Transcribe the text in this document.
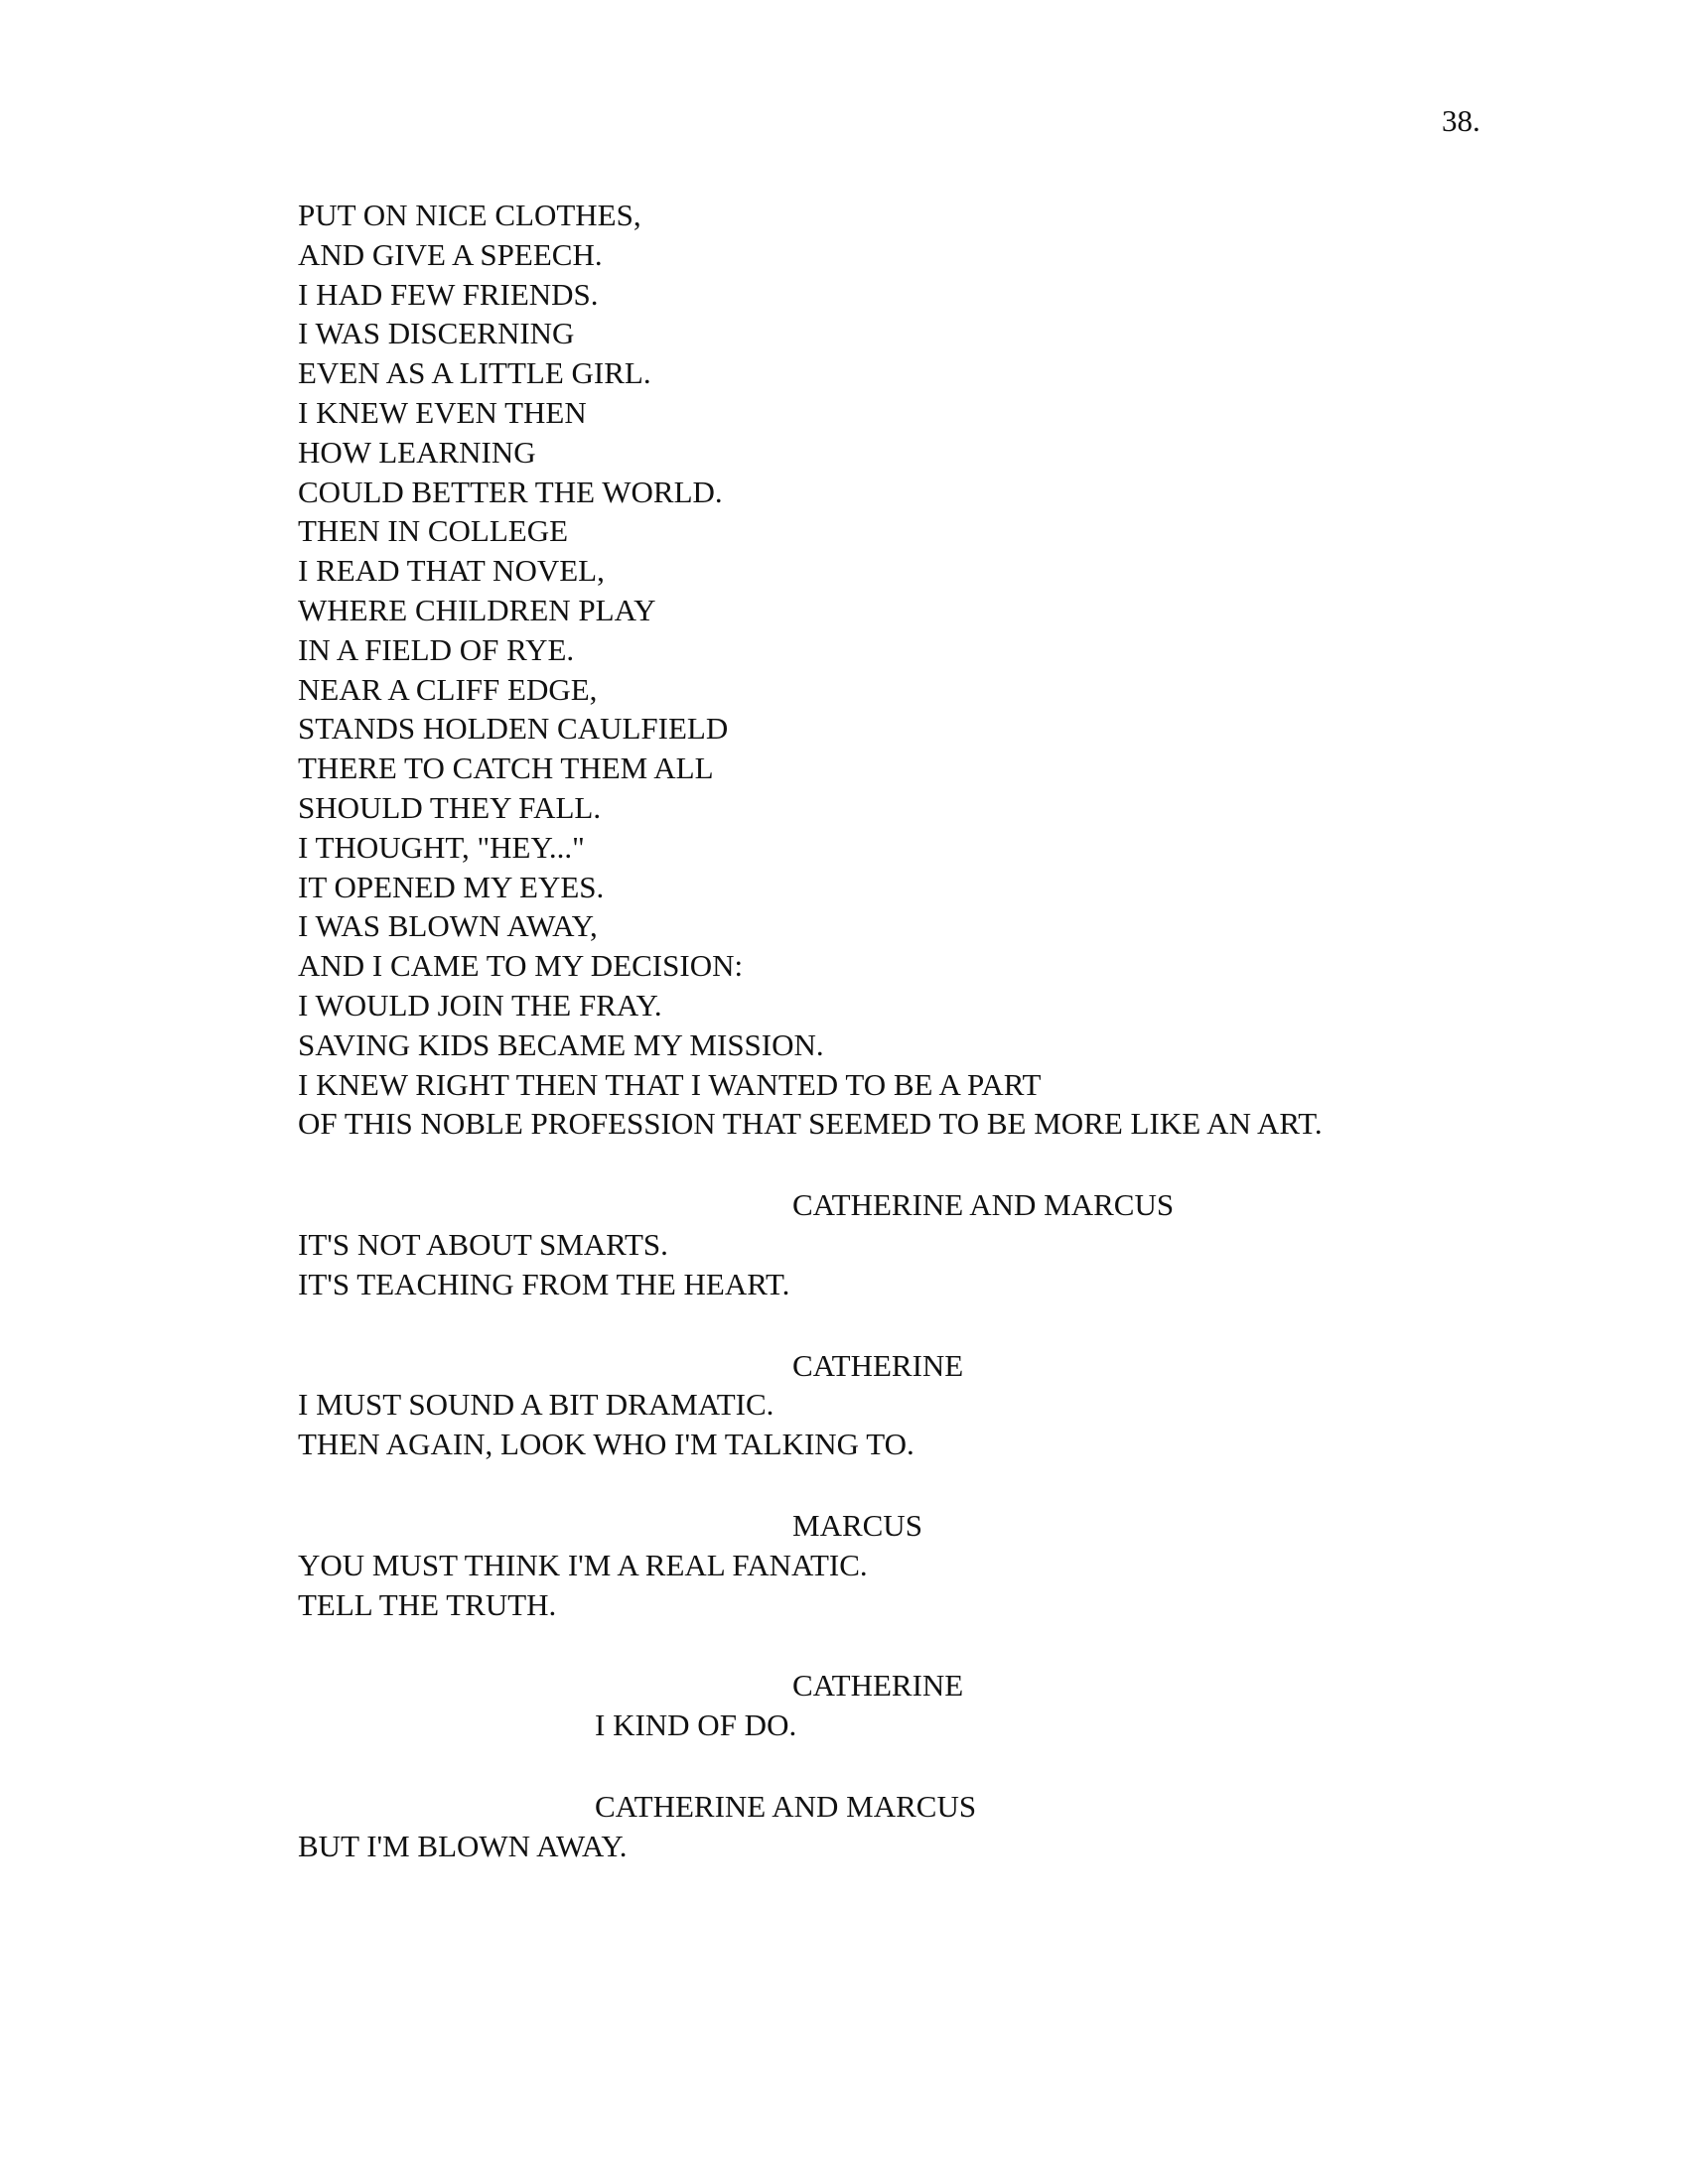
38.
PUT ON NICE CLOTHES,
AND GIVE A SPEECH.
I HAD FEW FRIENDS.
I WAS DISCERNING
EVEN AS A LITTLE GIRL.
I KNEW EVEN THEN
HOW LEARNING
COULD BETTER THE WORLD.
THEN IN COLLEGE
I READ THAT NOVEL,
WHERE CHILDREN PLAY
IN A FIELD OF RYE.
NEAR A CLIFF EDGE,
STANDS HOLDEN CAULFIELD
THERE TO CATCH THEM ALL
SHOULD THEY FALL.
I THOUGHT, "HEY..."
IT OPENED MY EYES.
I WAS BLOWN AWAY,
AND I CAME TO MY DECISION:
I WOULD JOIN THE FRAY.
SAVING KIDS BECAME MY MISSION.
I KNEW RIGHT THEN THAT I WANTED TO BE A PART
OF THIS NOBLE PROFESSION THAT SEEMED TO BE MORE LIKE AN ART.
CATHERINE AND MARCUS
IT'S NOT ABOUT SMARTS.
IT'S TEACHING FROM THE HEART.
CATHERINE
I MUST SOUND A BIT DRAMATIC.
THEN AGAIN, LOOK WHO I'M TALKING TO.
MARCUS
YOU MUST THINK I'M A REAL FANATIC.
TELL THE TRUTH.
CATHERINE
I KIND OF DO.
CATHERINE AND MARCUS
BUT I'M BLOWN AWAY.
